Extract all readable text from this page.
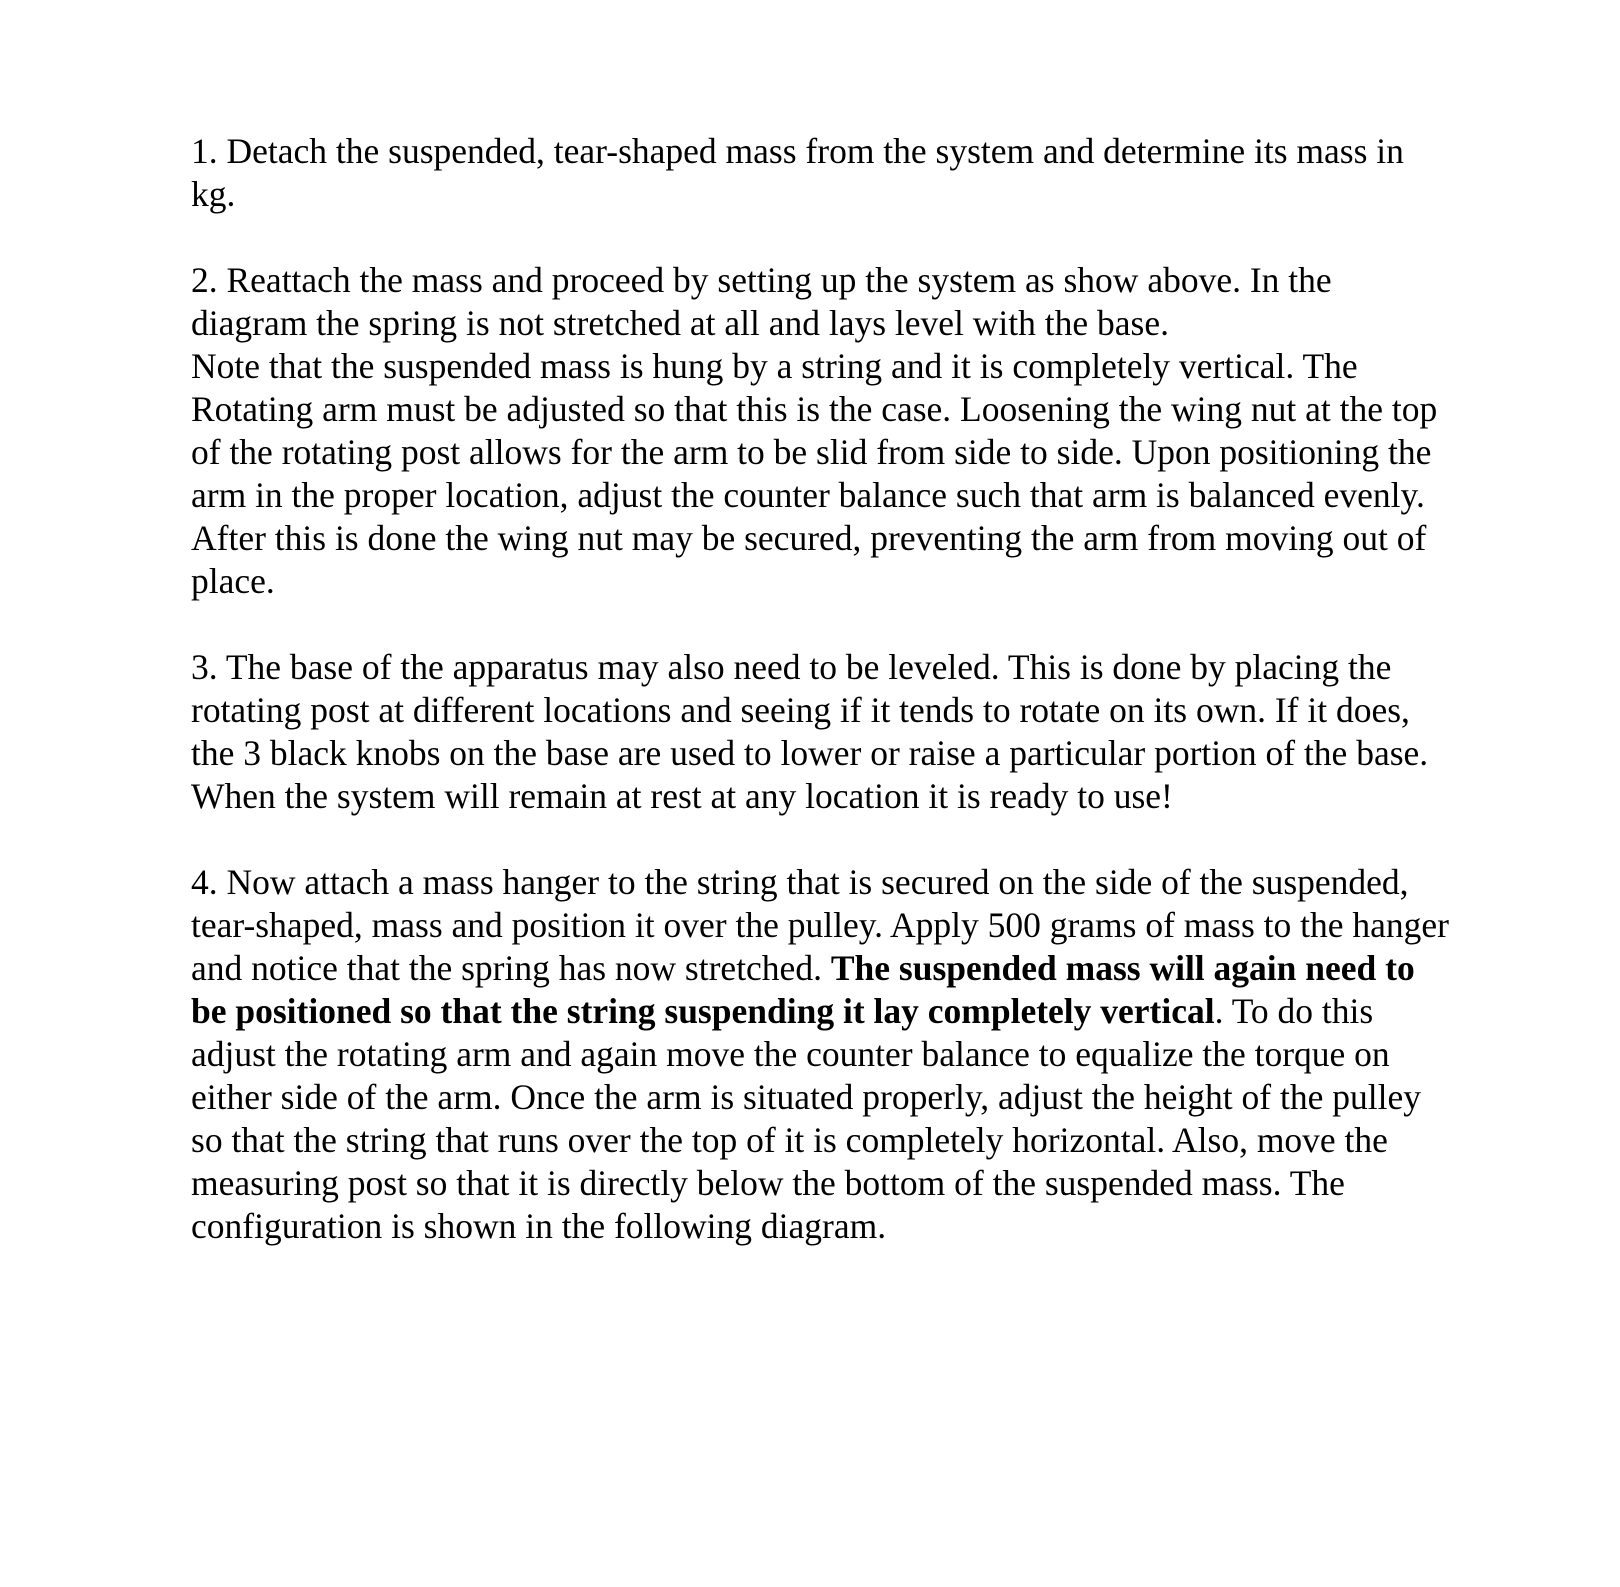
1. Detach the suspended, tear-shaped mass from the system and determine its mass in kg.

2. Reattach the mass and proceed by setting up the system as show above. In the diagram the spring is not stretched at all and lays level with the base.

Note that the suspended mass is hung by a string and it is completely vertical. The Rotating arm must be adjusted so that this is the case. Loosening the wing nut at the top of the rotating post allows for the arm to be slid from side to side. Upon positioning the arm in the proper location, adjust the counter balance such that arm is balanced evenly. After this is done the wing nut may be secured, preventing the arm from moving out of place.

3. The base of the apparatus may also need to be leveled. This is done by placing the rotating post at different locations and seeing if it tends to rotate on its own. If it does, the 3 black knobs on the base are used to lower or raise a particular portion of the base. When the system will remain at rest at any location it is ready to use!

4. Now attach a mass hanger to the string that is secured on the side of the suspended, tear-shaped, mass and position it over the pulley. Apply 500 grams of mass to the hanger and notice that the spring has now stretched. The suspended mass will again need to be positioned so that the string suspending it lay completely vertical. To do this adjust the rotating arm and again move the counter balance to equalize the torque on either side of the arm. Once the arm is situated properly, adjust the height of the pulley so that the string that runs over the top of it is completely horizontal. Also, move the measuring post so that it is directly below the bottom of the suspended mass. The configuration is shown in the following diagram.
